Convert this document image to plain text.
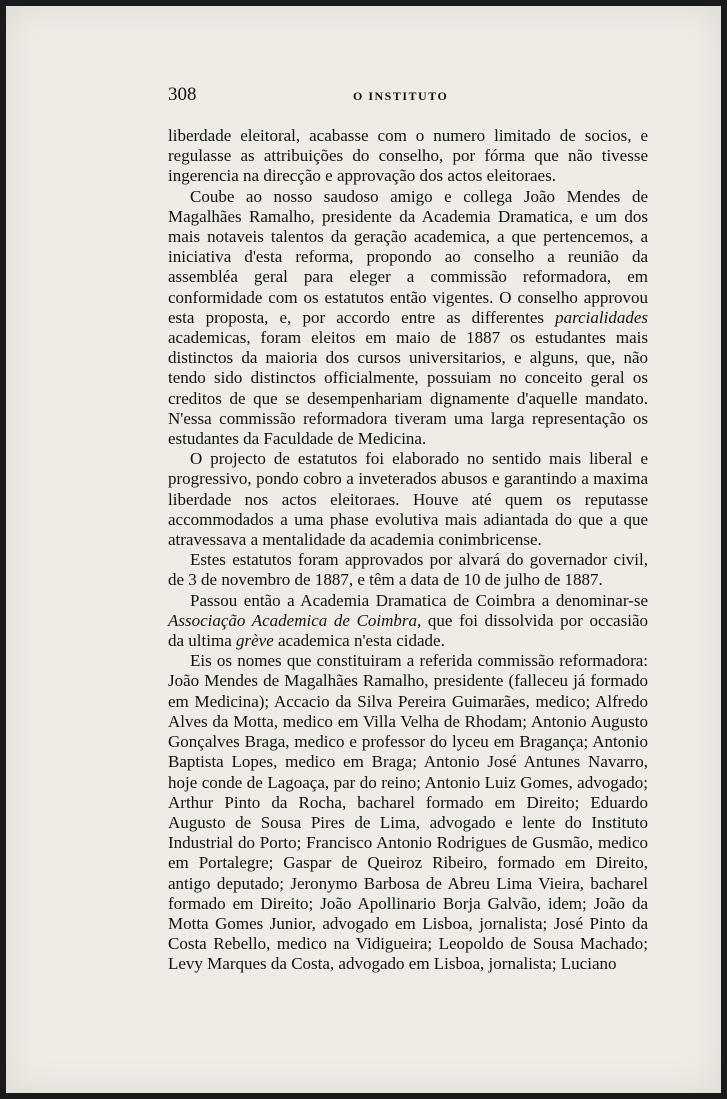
308	O INSTITUTO

liberdade eleitoral, acabasse com o numero limitado de socios, e regulasse as attribuições do conselho, por fórma que não tivesse ingerencia na direcção e approvação dos actos eleitoraes.

Coube ao nosso saudoso amigo e collega João Mendes de Magalhães Ramalho, presidente da Academia Dramatica, e um dos mais notaveis talentos da geração academica, a que pertencemos, a iniciativa d'esta reforma, propondo ao conselho a reunião da assembléa geral para eleger a commissão reformadora, em conformidade com os estatutos então vigentes. O conselho approvou esta proposta, e, por accordo entre as differentes parcialidades academicas, foram eleitos em maio de 1887 os estudantes mais distinctos da maioria dos cursos universitarios, e alguns, que, não tendo sido distinctos officialmente, possuiam no conceito geral os creditos de que se desempenhariam dignamente d'aquelle mandato. N'essa commissão reformadora tiveram uma larga representação os estudantes da Faculdade de Medicina.

O projecto de estatutos foi elaborado no sentido mais liberal e progressivo, pondo cobro a inveterados abusos e garantindo a maxima liberdade nos actos eleitoraes. Houve até quem os reputasse accommodados a uma phase evolutiva mais adiantada do que a que atravessava a mentalidade da academia conimbricense.

Estes estatutos foram approvados por alvará do governador civil, de 3 de novembro de 1887, e têm a data de 10 de julho de 1887.

Passou então a Academia Dramatica de Coimbra a denominar-se Associação Academica de Coimbra, que foi dissolvida por occasião da ultima grève academica n'esta cidade.

Eis os nomes que constituiram a referida commissão reformadora: João Mendes de Magalhães Ramalho, presidente (falleceu já formado em Medicina); Accacio da Silva Pereira Guimarães, medico; Alfredo Alves da Motta, medico em Villa Velha de Rhodam; Antonio Augusto Gonçalves Braga, medico e professor do lyceu em Bragança; Antonio Baptista Lopes, medico em Braga; Antonio José Antunes Navarro, hoje conde de Lagoaça, par do reino; Antonio Luiz Gomes, advogado; Arthur Pinto da Rocha, bacharel formado em Direito; Eduardo Augusto de Sousa Pires de Lima, advogado e lente do Instituto Industrial do Porto; Francisco Antonio Rodrigues de Gusmão, medico em Portalegre; Gaspar de Queiroz Ribeiro, formado em Direito, antigo deputado; Jeronymo Barbosa de Abreu Lima Vieira, bacharel formado em Direito; João Apollinario Borja Galvão, idem; João da Motta Gomes Junior, advogado em Lisboa, jornalista; José Pinto da Costa Rebello, medico na Vidigueira; Leopoldo de Sousa Machado; Levy Marques da Costa, advogado em Lisboa, jornalista; Luciano
